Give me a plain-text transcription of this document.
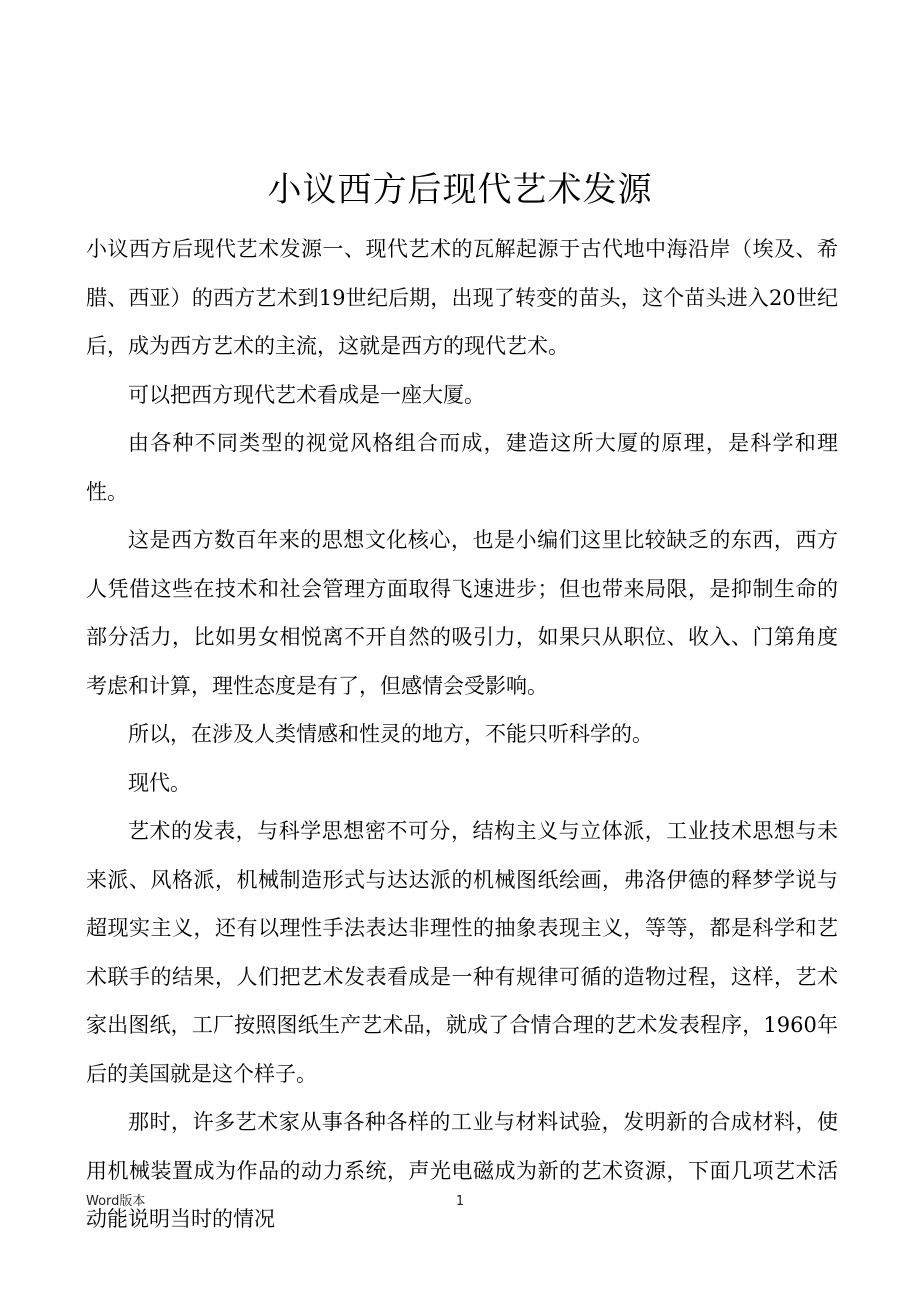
小议西方后现代艺术发源

小议西方后现代艺术发源一、现代艺术的瓦解起源于古代地中海沿岸（埃及、希腊、西亚）的西方艺术到19世纪后期，出现了转变的苗头，这个苗头进入20世纪后，成为西方艺术的主流，这就是西方的现代艺术。

可以把西方现代艺术看成是一座大厦。

由各种不同类型的视觉风格组合而成，建造这所大厦的原理，是科学和理性。

这是西方数百年来的思想文化核心，也是小编们这里比较缺乏的东西，西方人凭借这些在技术和社会管理方面取得飞速进步；但也带来局限，是抑制生命的部分活力，比如男女相悦离不开自然的吸引力，如果只从职位、收入、门第角度考虑和计算，理性态度是有了，但感情会受影响。

所以，在涉及人类情感和性灵的地方，不能只听科学的。

现代。

艺术的发表，与科学思想密不可分，结构主义与立体派，工业技术思想与未来派、风格派，机械制造形式与达达派的机械图纸绘画，弗洛伊德的释梦学说与超现实主义，还有以理性手法表达非理性的抽象表现主义，等等，都是科学和艺术联手的结果，人们把艺术发表看成是一种有规律可循的造物过程，这样，艺术家出图纸，工厂按照图纸生产艺术品，就成了合情合理的艺术发表程序，1960年后的美国就是这个样子。

那时，许多艺术家从事各种各样的工业与材料试验，发明新的合成材料，使用机械装置成为作品的动力系统，声光电磁成为新的艺术资源，下面几项艺术活动能说明当时的情况

Word版本	1
